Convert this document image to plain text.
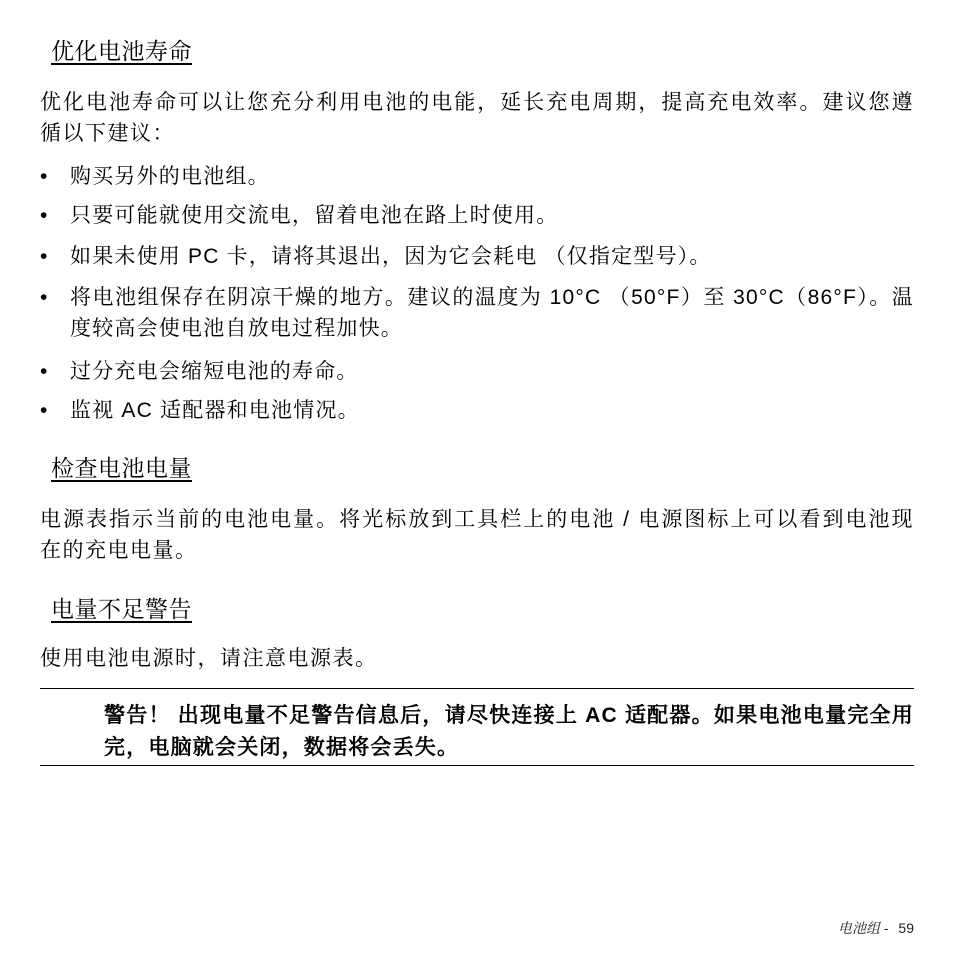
优化电池寿命
优化电池寿命可以让您充分利用电池的电能，延长充电周期，提高充电效率。建议您遵循以下建议：
• 购买另外的电池组。
• 只要可能就使用交流电，留着电池在路上时使用。
• 如果未使用 PC 卡，请将其退出，因为它会耗电 （仅指定型号）。
• 将电池组保存在阴凉干燥的地方。建议的温度为 10°C （50°F）至 30°C（86°F）。温度较高会使电池自放电过程加快。
• 过分充电会缩短电池的寿命。
• 监视 AC 适配器和电池情况。
检查电池电量
电源表指示当前的电池电量。将光标放到工具栏上的电池 / 电源图标上可以看到电池现在的充电电量。
电量不足警告
使用电池电源时，请注意电源表。
警告！ 出现电量不足警告信息后，请尽快连接上 AC 适配器。如果电池电量完全用完，电脑就会关闭，数据将会丢失。
电池组 - 59
